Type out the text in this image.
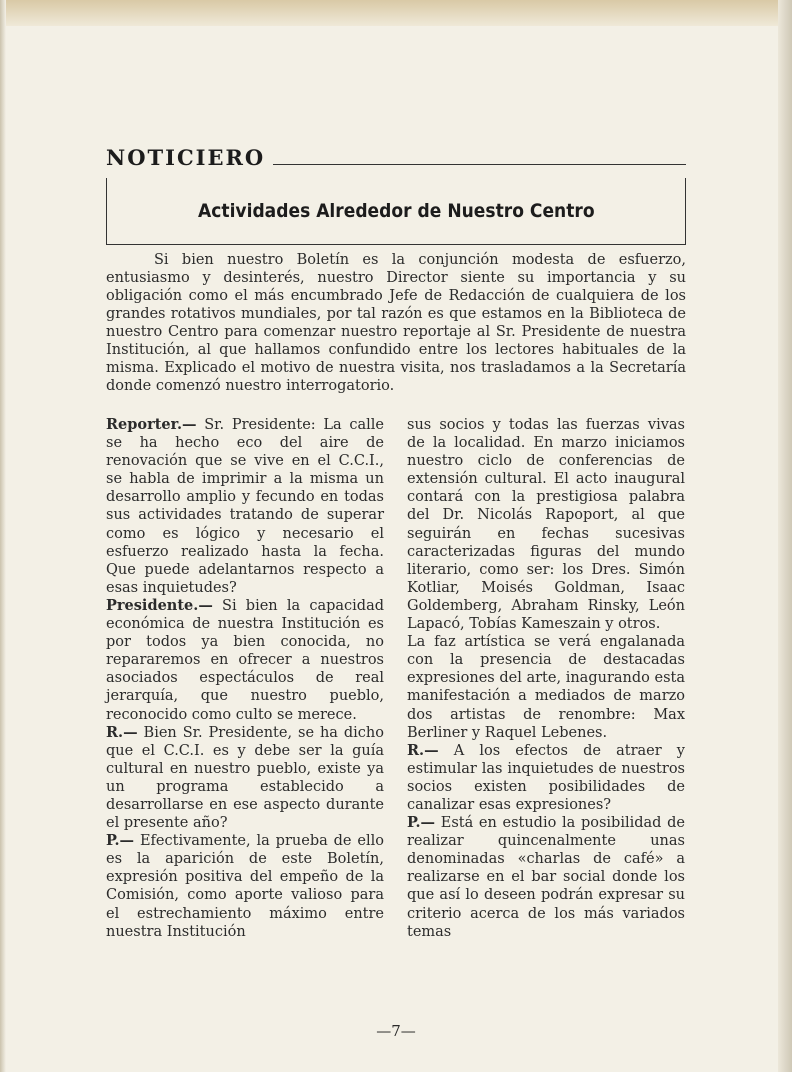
NOTICIERO
Actividades Alrededor de Nuestro Centro

Si bien nuestro Boletín es la conjunción modesta de esfuerzo, entusiasmo y desinterés, nuestro Director siente su importancia y su obligación como el más encumbrado Jefe de Redacción de cualquiera de los grandes rotativos mundiales, por tal razón es que estamos en la Biblioteca de nuestro Centro para comenzar nuestro reportaje al Sr. Presidente de nuestra Institución, al que hallamos confundido entre los lectores habituales de la misma. Explicado el motivo de nuestra visita, nos trasladamos a la Secretaría donde comenzó nuestro interrogatorio.

Reporter.— Sr. Presidente: La calle se ha hecho eco del aire de renovación que se vive en el C.C.I., se habla de imprimir a la misma un desarrollo amplio y fecundo en todas sus actividades tratando de superar como es lógico y necesario el esfuerzo realizado hasta la fecha. Que puede adelantarnos respecto a esas inquietudes?

Presidente.— Si bien la capacidad económica de nuestra Institución es por todos ya bien conocida, no repararemos en ofrecer a nuestros asociados espectáculos de real jerarquía, que nuestro pueblo, reconocido como culto se merece.

R.— Bien Sr. Presidente, se ha dicho que el C.C.I. es y debe ser la guía cultural en nuestro pueblo, existe ya un programa establecido a desarrollarse en ese aspecto durante el presente año?

P.— Efectivamente, la prueba de ello es la aparición de este Boletín, expresión positiva del empeño de la Comisión, como aporte valioso para el estrechamiento máximo entre nuestra Institución

sus socios y todas las fuerzas vivas de la localidad. En marzo iniciamos nuestro ciclo de conferencias de extensión cultural. El acto inaugural contará con la prestigiosa palabra del Dr. Nicolás Rapoport, al que seguirán en fechas sucesivas caracterizadas figuras del mundo literario, como ser: los Dres. Simón Kotliar, Moisés Goldman, Isaac Goldemberg, Abraham Rinsky, León Lapacó, Tobías Kameszain y otros.

La faz artística se verá engalanada con la presencia de destacadas expresiones del arte, inagurando esta manifestación a mediados de marzo dos artistas de renombre: Max Berliner y Raquel Lebenes.

R.— A los efectos de atraer y estimular las inquietudes de nuestros socios existen posibilidades de canalizar esas expresiones?

P.— Está en estudio la posibilidad de realizar quincenalmente unas denominadas «charlas de café» a realizarse en el bar social donde los que así lo deseen podrán expresar su criterio acerca de los más variados temas

—7—
